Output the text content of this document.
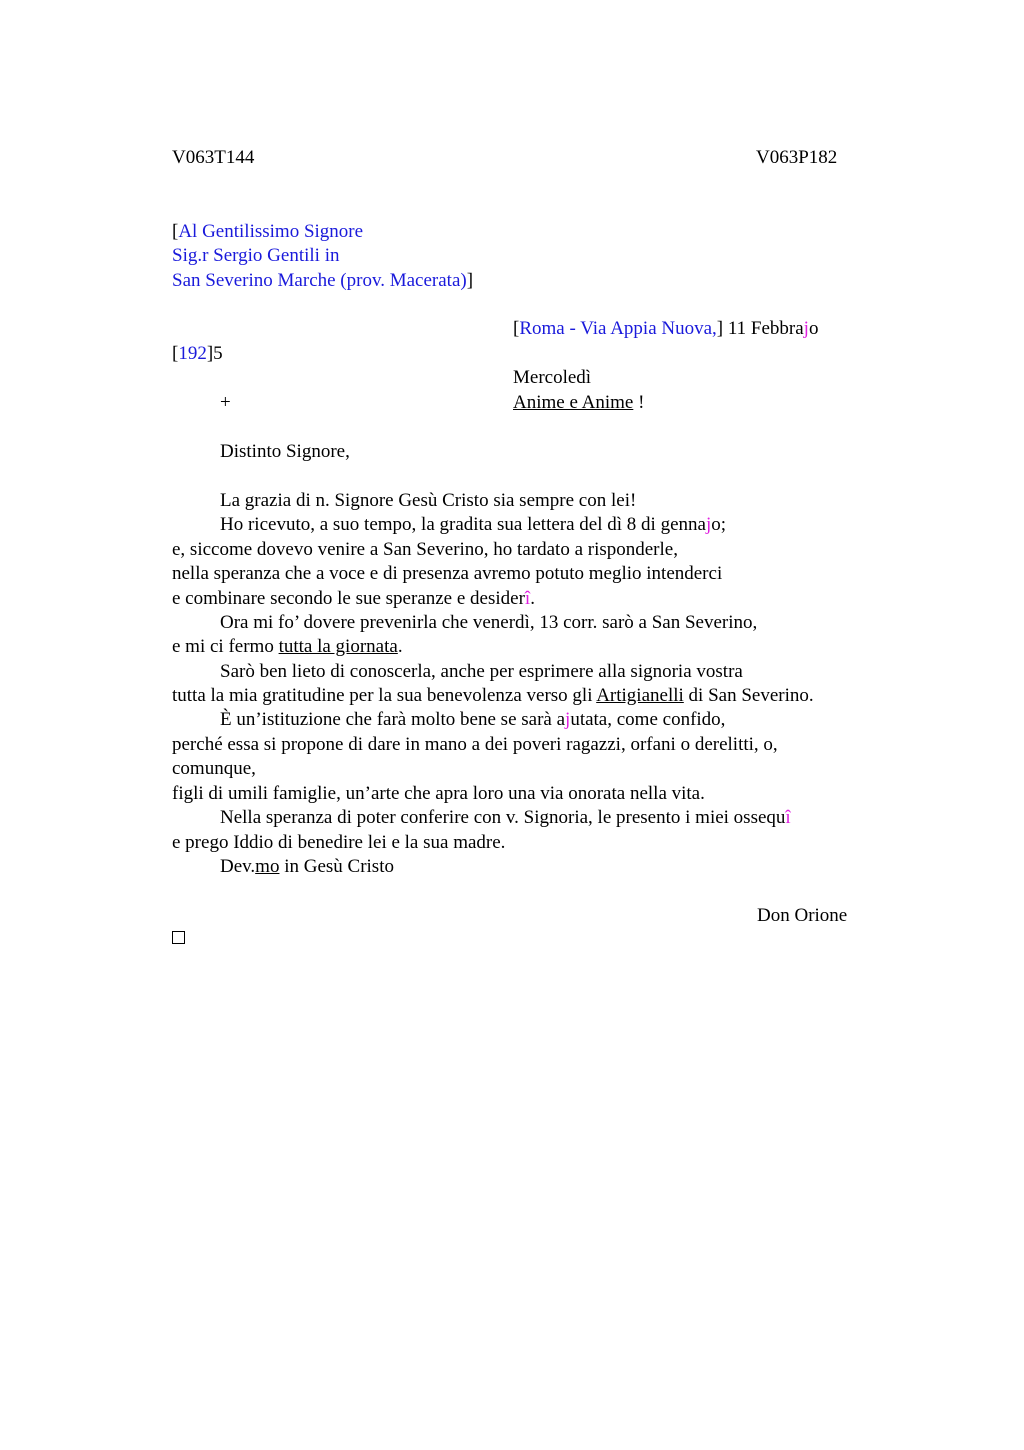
V063T144	V063P182
[Al Gentilissimo Signore
Sig.r Sergio Gentili in
San Severino Marche (prov. Macerata)]
[Roma - Via Appia Nuova,] 11 Febbrajo
[192]5
Mercoledì
+	Anime e Anime !
Distinto Signore,
La grazia di n. Signore Gesù Cristo sia sempre con lei!
Ho ricevuto, a suo tempo, la gradita sua lettera del dì 8 di gennajo;
e, siccome dovevo venire a San Severino, ho tardato a risponderle,
nella speranza che a voce e di presenza avremo potuto meglio intenderci
e combinare secondo le sue speranze e desiderî.
Ora mi fo’ dovere prevenirla che venerdì, 13 corr. sarò a San Severino,
e mi ci fermo tutta la giornata.
Sarò ben lieto di conoscerla, anche per esprimere alla signoria vostra
tutta la mia gratitudine per la sua benevolenza verso gli Artigianelli di San Severino.
È un’istituzione che farà molto bene se sarà ajutata, come confido,
perché essa si propone di dare in mano a dei poveri ragazzi, orfani o derelitti, o,
comunque,
figli di umili famiglie, un’arte che apra loro una via onorata nella vita.
Nella speranza di poter conferire con v. Signoria, le presento i miei ossequî
e prego Iddio di benedire lei e la sua madre.
Dev.mo in Gesù Cristo
Don Orione
